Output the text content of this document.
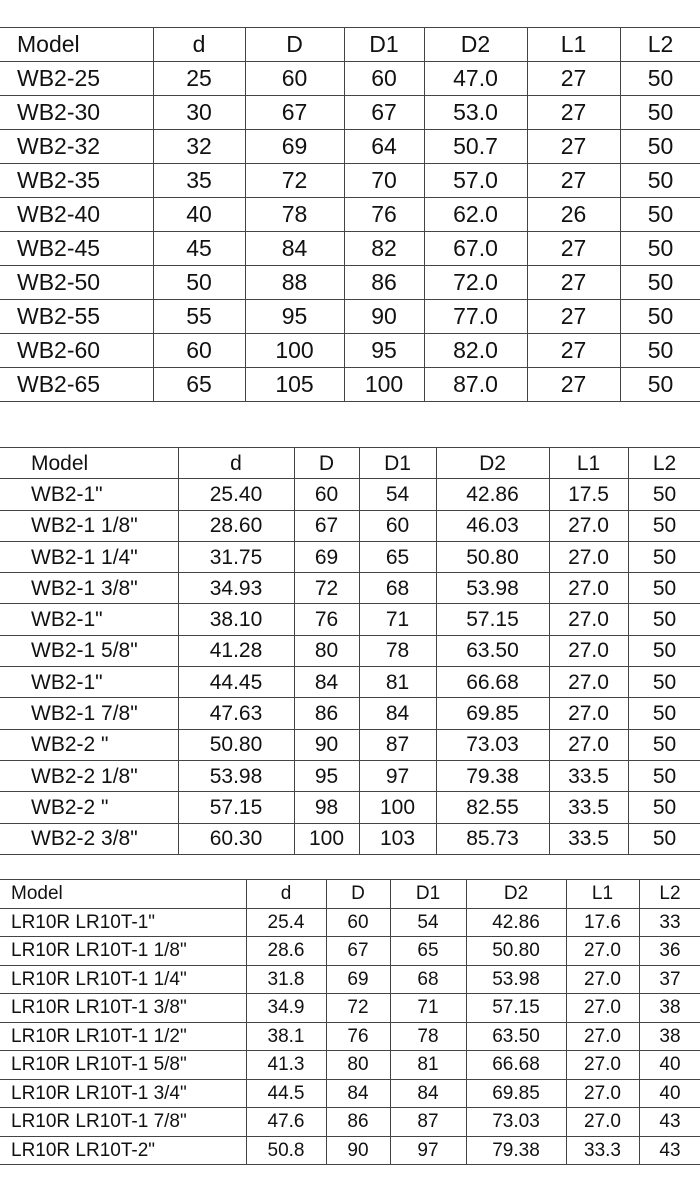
Model	d	D	D1	D2	L1	L2
WB2-25	25	60	60	47.0	27	50
WB2-30	30	67	67	53.0	27	50
WB2-32	32	69	64	50.7	27	50
WB2-35	35	72	70	57.0	27	50
WB2-40	40	78	76	62.0	26	50
WB2-45	45	84	82	67.0	27	50
WB2-50	50	88	86	72.0	27	50
WB2-55	55	95	90	77.0	27	50
WB2-60	60	100	95	82.0	27	50
WB2-65	65	105	100	87.0	27	50
Model	d	D	D1	D2	L1	L2
WB2-1"	25.40	60	54	42.86	17.5	50
WB2-1 1/8"	28.60	67	60	46.03	27.0	50
WB2-1 1/4"	31.75	69	65	50.80	27.0	50
WB2-1 3/8"	34.93	72	68	53.98	27.0	50
WB2-1"	38.10	76	71	57.15	27.0	50
WB2-1 5/8"	41.28	80	78	63.50	27.0	50
WB2-1"	44.45	84	81	66.68	27.0	50
WB2-1 7/8"	47.63	86	84	69.85	27.0	50
WB2-2 "	50.80	90	87	73.03	27.0	50
WB2-2 1/8"	53.98	95	97	79.38	33.5	50
WB2-2 "	57.15	98	100	82.55	33.5	50
WB2-2 3/8"	60.30	100	103	85.73	33.5	50
Model	d	D	D1	D2	L1	L2
LR10R LR10T-1"	25.4	60	54	42.86	17.6	33
LR10R LR10T-1 1/8"	28.6	67	65	50.80	27.0	36
LR10R LR10T-1 1/4"	31.8	69	68	53.98	27.0	37
LR10R LR10T-1 3/8"	34.9	72	71	57.15	27.0	38
LR10R LR10T-1 1/2"	38.1	76	78	63.50	27.0	38
LR10R LR10T-1 5/8"	41.3	80	81	66.68	27.0	40
LR10R LR10T-1 3/4"	44.5	84	84	69.85	27.0	40
LR10R LR10T-1 7/8"	47.6	86	87	73.03	27.0	43
LR10R LR10T-2"	50.8	90	97	79.38	33.3	43
